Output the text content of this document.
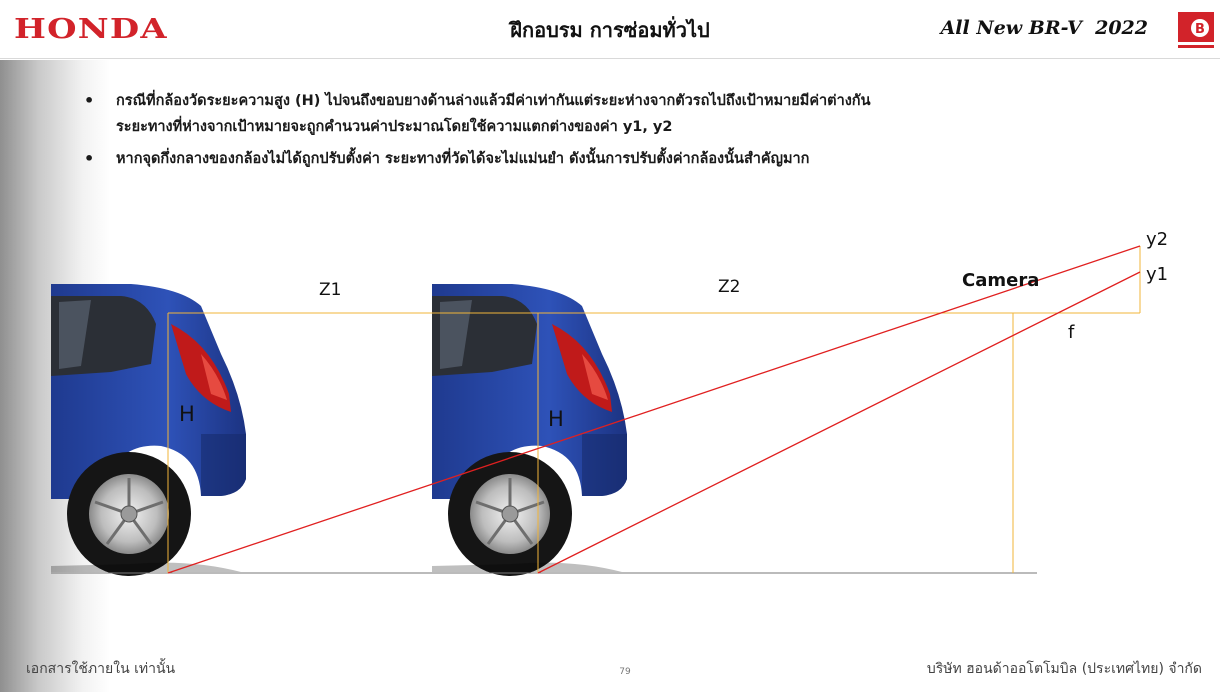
HONDA	ฝึกอบรม การซ่อมทั่วไป	All New BR-V  2022	B
• กรณีที่กล้องวัดระยะความสูง (H) ไปจนถึงขอบยางด้านล่างแล้วมีค่าเท่ากันแต่ระยะห่างจากตัวรถไปถึงเป้าหมายมีค่าต่างกัน
ระยะทางที่ห่างจากเป้าหมายจะถูกคำนวนค่าประมาณโดยใช้ความแตกต่างของค่า y1, y2
• หากจุดกึ่งกลางของกล้องไม่ได้ถูกปรับตั้งค่า ระยะทางที่วัดได้จะไม่แม่นยำ ดังนั้นการปรับตั้งค่ากล้องนั้นสำคัญมาก
Z1	Z2
H	H
Camera
f
y1
y2
เอกสารใช้ภายใน เท่านั้น	79	บริษัท ฮอนด้าออโตโมบิล (ประเทศไทย) จำกัด
